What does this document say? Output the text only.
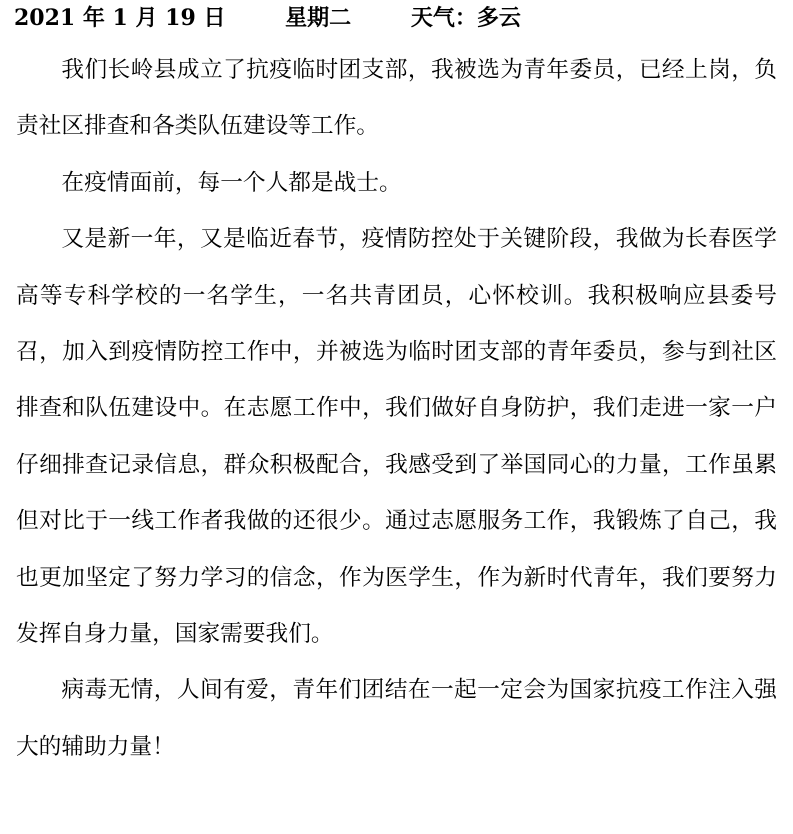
2021 年 1 月 19 日	星期二	天气：多云

我们长岭县成立了抗疫临时团支部，我被选为青年委员，已经上岗，负责社区排查和各类队伍建设等工作。

在疫情面前，每一个人都是战士。

又是新一年，又是临近春节，疫情防控处于关键阶段，我做为长春医学高等专科学校的一名学生，一名共青团员，心怀校训。我积极响应县委号召，加入到疫情防控工作中，并被选为临时团支部的青年委员，参与到社区排查和队伍建设中。在志愿工作中，我们做好自身防护，我们走进一家一户仔细排查记录信息，群众积极配合，我感受到了举国同心的力量，工作虽累但对比于一线工作者我做的还很少。通过志愿服务工作，我锻炼了自己，我也更加坚定了努力学习的信念，作为医学生，作为新时代青年，我们要努力发挥自身力量，国家需要我们。

病毒无情，人间有爱，青年们团结在一起一定会为国家抗疫工作注入强大的辅助力量！
